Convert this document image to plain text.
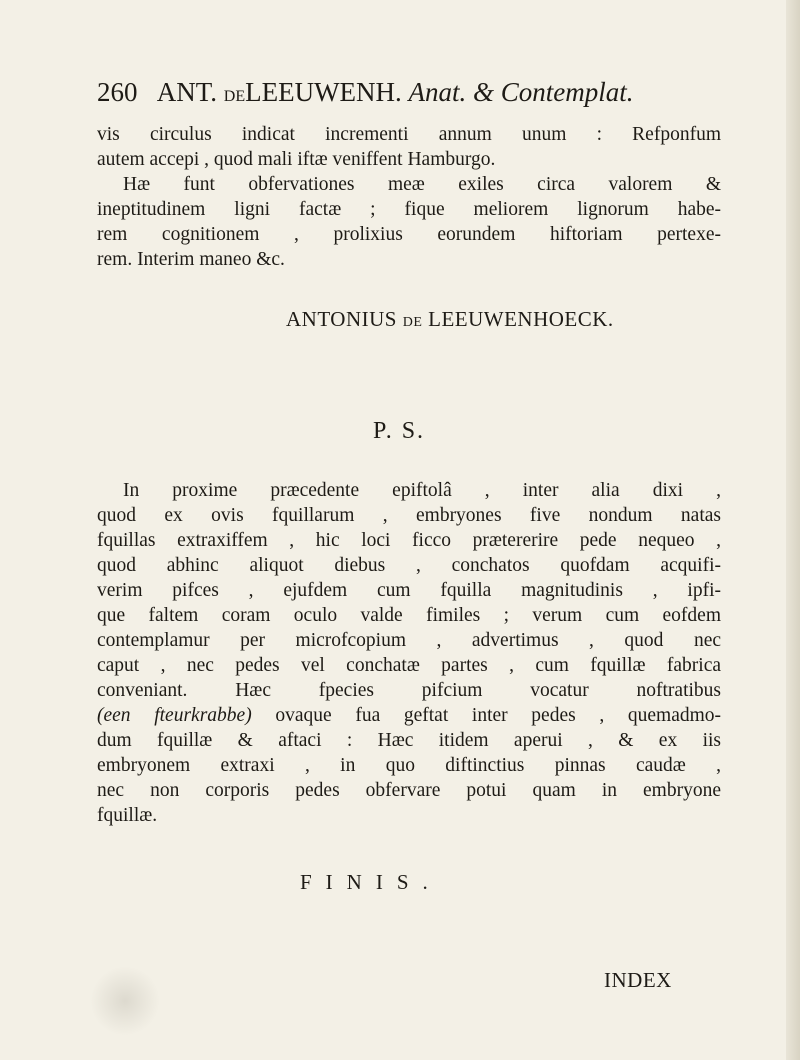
260 ANT. DELEEUWENH. Anat. & Contemplat.
vis circulus indicat incrementi annum unum : Refponfum
autem accepi , quod mali iftæ veniffent Hamburgo.
Hæ funt obfervationes meæ exiles circa valorem &
ineptitudinem ligni factæ ; fique meliorem lignorum habe-
rem cognitionem , prolixius eorundem hiftoriam pertexe-
rem. Interim maneo &c.
ANTONIUS DE LEEUWENHOECK.
P. S.
In proxime præcedente epiftolâ , inter alia dixi ,
quod ex ovis fquillarum , embryones five nondum natas
fquillas extraxiffem , hic loci ficco prætererire pede nequeo ,
quod abhinc aliquot diebus , conchatos quofdam acquifi-
verim pifces , ejufdem cum fquilla magnitudinis , ipfi-
que faltem coram oculo valde fimiles ; verum cum eofdem
contemplamur per microfcopium , advertimus , quod nec
caput , nec pedes vel conchatæ partes , cum fquillæ fabrica
conveniant. Hæc fpecies pifcium vocatur noftratibus
(een fteurkrabbe) ovaque fua geftat inter pedes , quemadmo-
dum fquillæ & aftaci : Hæc itidem aperui , & ex iis
embryonem extraxi , in quo diftinctius pinnas caudæ ,
nec non corporis pedes obfervare potui quam in embryone
fquillæ.
FINIS.
INDEX
